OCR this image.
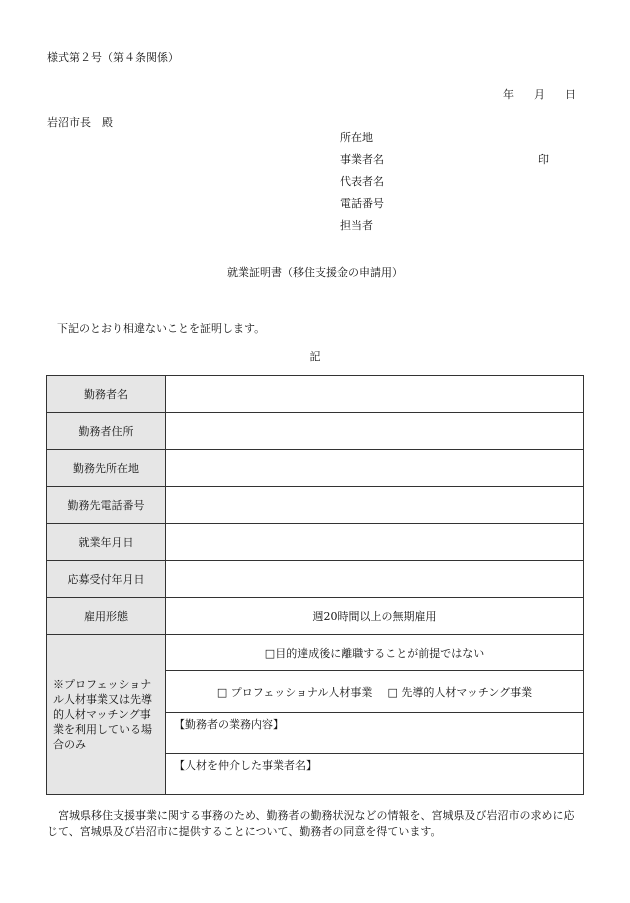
様式第２号（第４条関係）
年 月 日
岩沼市長　殿
所在地
事業者名	印
代表者名
電話番号
担当者
就業証明書（移住支援金の申請用）
下記のとおり相違ないことを証明します。
記
勤務者名	
勤務者住所	
勤務先所在地	
勤務先電話番号	
就業年月日	
応募受付年月日	
雇用形態	週20時間以上の無期雇用
※プロフェッショナル人材事業又は先導的人材マッチング事業を利用している場合のみ	□目的達成後に離職することが前提ではない
	□ プロフェッショナル人材事業 □ 先導的人材マッチング事業
	【勤務者の業務内容】
	【人材を仲介した事業者名】
宮城県移住支援事業に関する事務のため、勤務者の勤務状況などの情報を、宮城県及び岩沼市の求めに応じて、宮城県及び岩沼市に提供することについて、勤務者の同意を得ています。
